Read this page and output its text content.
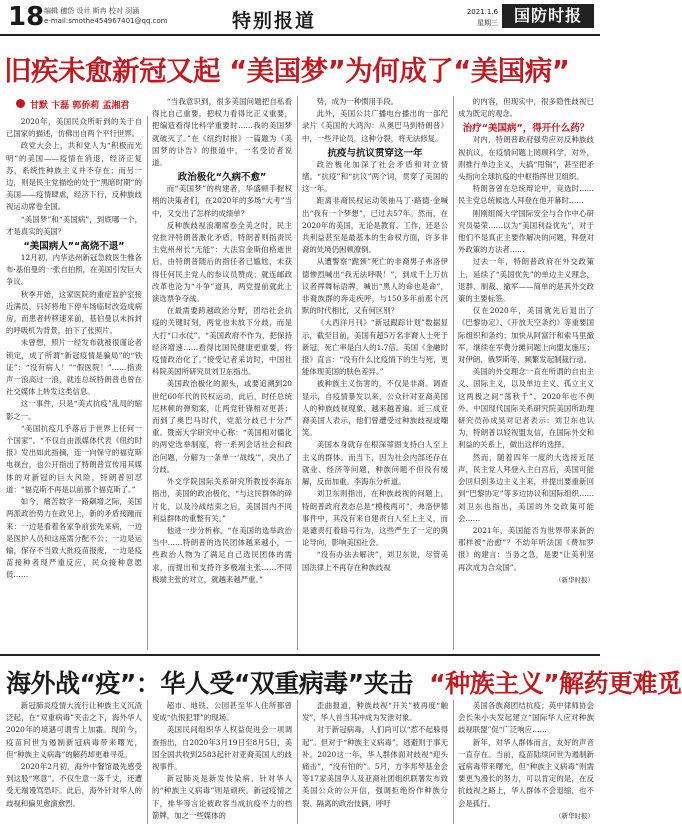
18 编辑 穗岱 设计 斯冉 校对 羽涵
e-mail:smothe454967401@qq.com	特别报道	2021.1.6
星期三 国防时报
旧疾未愈新冠又起 “美国梦”为何成了“美国病”
甘默 卞磊 郭侨莉 孟湘君

2020年，美国民众所听到的关于自己国家的描述，仿佛出自两个平行世界。

政党大会上，共和党人为“积极而光明”的美国——疫情在消退，经济正复苏，系统性种族主义并不存在；而另一边，则是民主党描绘的处于“黑暗时期”的美国——疫情肆虐，经济下行，反种族歧视运动席卷全国。

“美国梦”和“美国病”，到底哪一个，才是真实的美国？

“美国病人”“高烧不退”

12月初，内华达州新冠急救医生雅各布·基伯曼的一张自拍照，在美国引发巨大争议。

秋季开始，这家医院的重症监护室接近满员，只好将地下停车场临时改造成病房。而患者转移速来前，基伯曼以未拆封的呼吸机为背景，拍下了张照片。

未曾想，照片一经发布就被很谨论者锁定，成了所谓“新冠疫情是骗局”的“铁证”：“没有病人！”“假医院！”……指责声一浪高过一浪，就连总统特朗普也曾在社交媒体上转发这类信息。

这一事件，只是“美式抗疫”乱局的缩影之一。

“美国抗疫几乎落后于世界上任何一个国家”。“不仅自由派媒体代表《纽约时报》发出如此指摘，连一向保守的福克斯电视台，也公开指出了特朗普宣传用其媒体的对新冠的巨大风险，特朗普回怼道：“福克斯不再是以前那个福克斯了。”

如今，痛苦数字一路飙增之际，美国两派政治势力在政见上，新的矛盾接踵而来：一边是看着各家争前张先来病，一边是医护人员和这座需分配不公；一边是运输，保存不当致大批疫苗报废，一边是疫苗接种者现严重反应，民众接种意愿低……

“当我意识到，很多美国问题把自私看得比自己重要，把权力看得比正义重要，把编造看得比科学重要时……我的美国梦就破灭了。”在《纽约时报》一篇题为《美国梦的讣告》的报道中，一名受访者说道。

政治极化“久病不愈”

而“美国梦”的构建者，华盛顿手握权柄的决策者们，在2020年的多场“大考”当中，又交出了怎样的成绩单？

反种族歧视浪潮席卷全美之时，民主党批评特朗普激化矛盾，特朗普则指责民主党州州长“无能”：大法官金斯伯格逝世后，由特朗普随后的指任者已尴尬，未获得任何民主党人的参议员赞成；就连邮政改革也沦为“斗争”道具，两党提前就此上演选票争夺战。

在最需要跨越政治分野，团结社会抗疫的关键时刻，两党也未放下分歧，而是大打“口水仗”。“美国政府不作为，把保持经济增速……看得比国民健康更重要，将疫情政治化了。”接受记者采访时，中国社科院美国所研究员刘卫东指出。

美国政治极化的源头，或要追溯到20世纪60年代的民权运动，此后，时任总统尼林顿的弹劾案，让两党针锋相对更甚；而到了奥巴马时代，党派分歧已十分严重。暨南大学研究中心称：“美国相对僵化的两党选举制度，将一系列会话社会和政治问题，分解为一条单一‘战线’”，突出了分歧。

外交学院国际关系研究所教授李海东指出，美国的政治极化，“与这民群体的碎片化，以及冷战结束之后，美国国内不同利益群体的重整有关。”

他进一步分析称，“在美国的选举政治当中……特朗普的选民团体越来越小，一些政治人物为了满足自己选民团体的需求，而提出和支持许多极端主张……不同极端主张的对立，就越来越严重。”

势，成为一种惯用手段。

此外，美国公共广播电台播出的一部纪录片《美国的大鸿沟：从奥巴马到特朗普》中，一些评论员，这种分裂，将无法修复。

抗疫与抗议贯穿这一年

政治极化加深了社会矛盾和对立情绪。“抗疫”和“抗议”两个词，贯穿了美国的这一年。

距离非裔民权运动领袖马丁·路德·金喊出“我有一个梦想”，已过去57年。然而，在2020年的美国，无论是教育、工作，还是公共利益甚至是最基本的生命权方面，许多非裔的处境仍困顿潦倒。

从遭警察“跪颈”死亡的非裔男子弗洛伊德惨烈喊出“我无法呼吸！”，到成千上万抗议者挥舞标语牌，喊出“黑人的命也是命”，非裔族群的奔走疾呼，与150多年前那个沉默的时代相比，又有何区别？

《大西洋月刊》“新冠跟踪计划”数据显示，截至目前，美国有超5万名非裔人士死于新冠，死亡率是白人的1.7倍。美国《金融时报》直言：“没有什么比疫情下的生与死，更能体现美国的肤色差异。”

被种族主义伤害的，不仅是非裔。调查显示，自疫情暴发以来，公众针对亚裔美国人的种族歧视现象，越来越普遍。近三成亚裔美国人表示，他们曾遭受过种族歧视或嘲笑。

美国本身就存在根深蒂固支持白人至上主义的群体。而当下，因为社会内部还存在就业、经济等问题，种族问题不但没有缓解，反而加重。李海东分析道。

刘卫东则指出，在种族歧视的问题上，特朗普政府表态总是“模棱两可”，弗洛伊德事件中，其没有来自建责白人至上主义，而是谴责打着暗号行为，这些严生了一定的舆论导向，影响美国社会。

“没有办法去解决”，刘卫东说，尽管美国法律上不再存在种族歧视

的内容，但现实中，很多隐性歧视已成为既定的观念。

治疗“美国病”，得开什么药？

对内，特朗普政府强势应对反种族歧视抗议，在疫情问题上罔顾科学，对外，则推行单边主义，大搞“甩锅”，甚至把矛头指向全球抗疫的中枢指挥世卫组织。

特朗普曾在总统辩论中，竞选时……民主党总统候选人拜登在他开幕时……

刚刚组阁大学国际安全与合作中心研究员晏荣……以为“美国利益优先”，对于他们不是真正主要作解决的问题，拜登对外政策的方法者……

过去一年，特朗普政府在外交政策上，延续了“美国优先”的单边主义理念，退群、制裁、撤军——简单的是其外交政策的主要标签。

仅在2020年，美国就先后退出了《巴黎协定》、《开放天空条约》等重要国际组织和条约；加快从阿富汗和索马里撤军，继续在军费分摊问题上向盟友施压；对伊朗、俄罗斯等，频繁发起制裁行动。

美国的外交理念一直在所谓的自由主义、国际主义，以及单边主义、孤立主义这两极之间“荡秋千”。2020年也不例外。中国现代国际关系研究院美国所助理研究员孙成昊对记者表示：刘卫东也认为，特朗普以轻视盟友信，在国际外交和利益的关系上，做出这样的选择。

然而，随着四年一度的大选接近尾声，民主党人拜登入主白宫后，美国可能会回归到多边主义主来，并提出要重新回到“巴黎协定”等多边协议和国际组织……刘卫东也指出，美国的外交政策可能会……

2021年，美国能否为世界带来新的那样被“治愈”？不幼年听法国《费加罗报》的建言：当务之急，是要“让美利坚再次成为合众国”。

（新华时报）

海外战“疫”：华人受“双重病毒”夹击 “种族主义”解药更难觅

新冠肺炎疫情大流行让种族主义沉渣泛起，在“双重病毒”夹击之下，海外华人2020年的境遇可谓雪上加霜。现阶今，疫苗问世为遏制新冠病毒带来曙光，但“种族主义病毒”的解药却更难寻觅。

2020年2月初，海外中餐馆最先感受到这股“寒意”。不仅生意一落千丈，还遭受无端谩骂恐吓。此后，海外针对华人的歧视和偏见愈演愈烈。

超市、地铁、公园甚至华人住所都曾变成“仇恨犯罪”的现场。

美国民间组织华人权益促进会一项调查指出，自2020年3月19日至8月5日，美国全国共收到2583起针对亚裔美国人的歧视事件。

新冠肺炎是新发传染病，针对华人的“种族主义病毒”则是顽疾。新冠疫情之下，排华等言论被政客当成抗疫不力的挡箭牌，加之一些媒体的

歪曲报道，种族歧视“开关”被再度“触发”，华人首当其冲成为发泄对象。

对于新冠病毒，人们尚可以“惹不起躲得起”。但对于“种族主义病毒”，逃避则于事无补。2020这一年，华人群体面对歧视“迎头痛击”，“没有怕的”。5月，方李邦琴基金会等17家美国华人及亚裔社团组织联署发布致美国公众的公开信，强调拒绝纷作种族分裂、隔离的政治伎俩，呼吁

美国各族裔团结抗疫；英中律师协会会长朱小夫发起建立“国际华人应对种族歧视联盟”促“广泛响应……

新年，对华人群体而言，友好的声音一直存在。当前，疫苗陆续问世为遏制新冠病毒带来曙光，但“种族主义病毒”则需要更为漫长的努力，可以肯定的是，在反抗歧视之路上，华人群体不会退缩，也不会是孤行。

（新华时报）
